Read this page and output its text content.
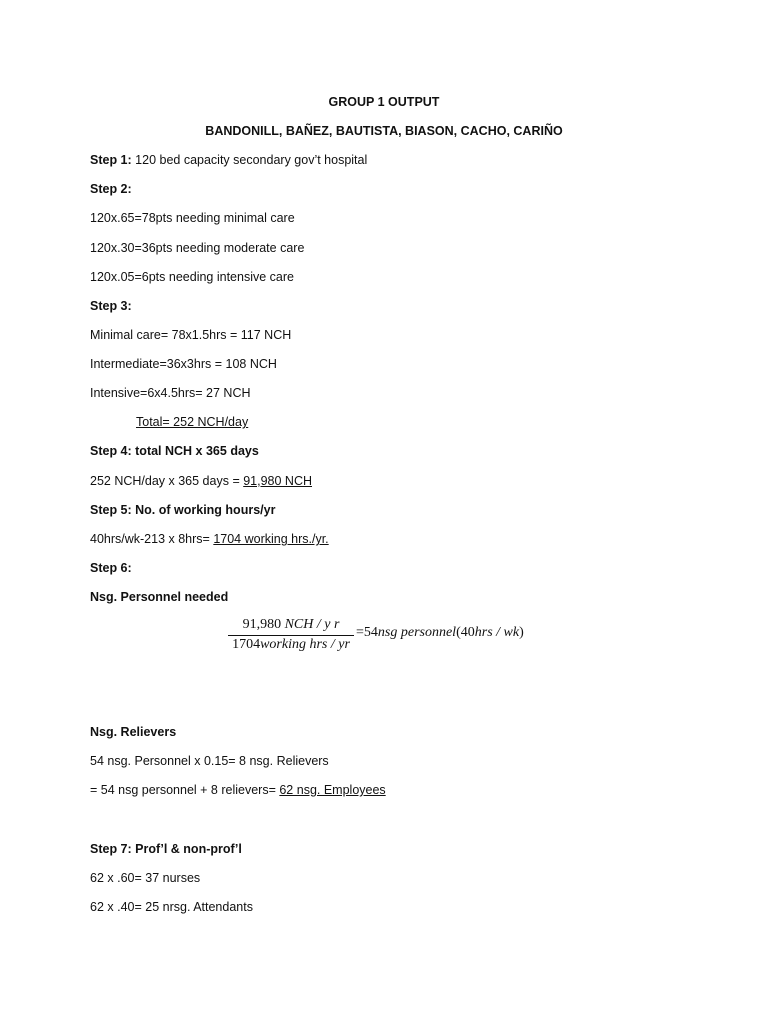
GROUP 1 OUTPUT
BANDONILL, BAÑEZ, BAUTISTA, BIASON, CACHO, CARIÑO
Step 1: 120 bed capacity secondary gov’t hospital
Step 2:
120x.65=78pts needing minimal care
120x.30=36pts needing moderate care
120x.05=6pts needing intensive care
Step 3:
Minimal care= 78x1.5hrs = 117 NCH
Intermediate=36x3hrs = 108 NCH
Intensive=6x4.5hrs= 27 NCH
Total= 252 NCH/day
Step 4: total NCH x 365 days
252 NCH/day x 365 days = 91,980 NCH
Step 5: No. of working hours/yr
40hrs/wk-213 x 8hrs= 1704 working hrs./yr.
Step 6:
Nsg. Personnel needed
91,980 NCH / y r
1704working hrs / yr
=54nsg personnel(40hrs / wk)
Nsg. Relievers
54 nsg. Personnel x 0.15= 8 nsg. Relievers
= 54 nsg personnel + 8 relievers= 62 nsg. Employees
Step 7: Prof’l & non-prof’l
62 x .60= 37 nurses
62 x .40= 25 nrsg. Attendants
